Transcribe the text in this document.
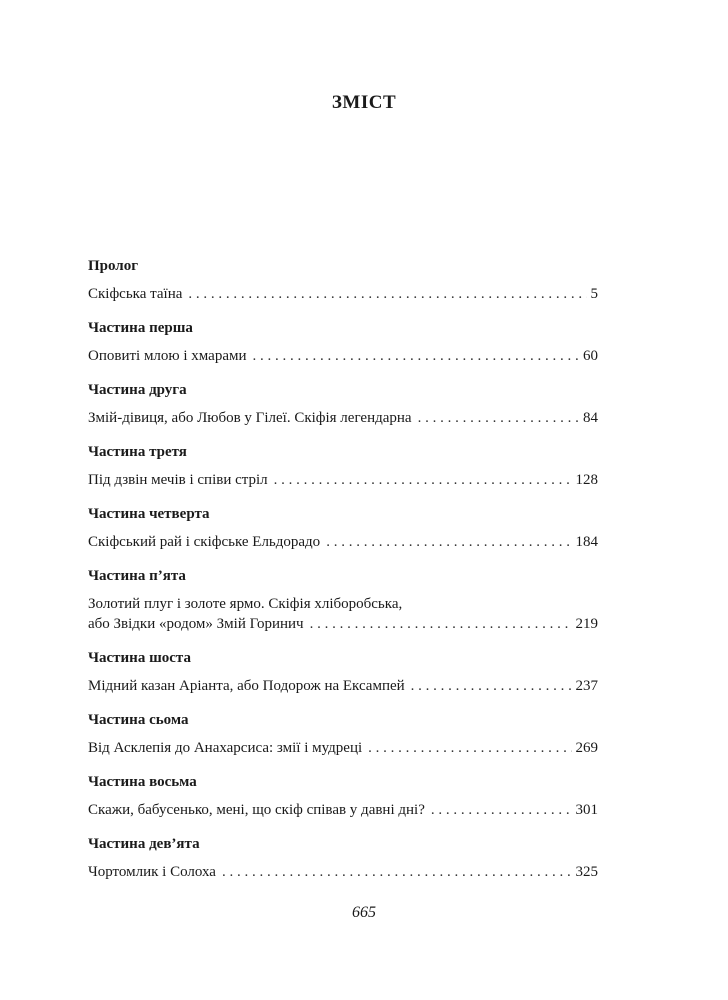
ЗМІСТ
Пролог
Скіфська таїна . . .	5
Частина перша
Оповиті млою і хмарами . . .	60
Частина друга
Змій-дівиця, або Любов у Гілеї. Скіфія легендарна . . .	84
Частина третя
Під дзвін мечів і співи стріл . . .	128
Частина четверта
Скіфський рай і скіфське Ельдорадо . . .	184
Частина п’ята
Золотий плуг і золоте ярмо. Скіфія хліборобська,
або Звідки «родом» Змій Горинич . . .	219
Частина шоста
Мідний казан Аріанта, або Подорож на Ексампей . . .	237
Частина сьома
Від Асклепія до Анахарсиса: змії і мудреці . . .	269
Частина восьма
Скажи, бабусенько, мені, що скіф співав у давні дні? . . .	301
Частина дев’ята
Чортомлик і Солоха . . .	325
665
